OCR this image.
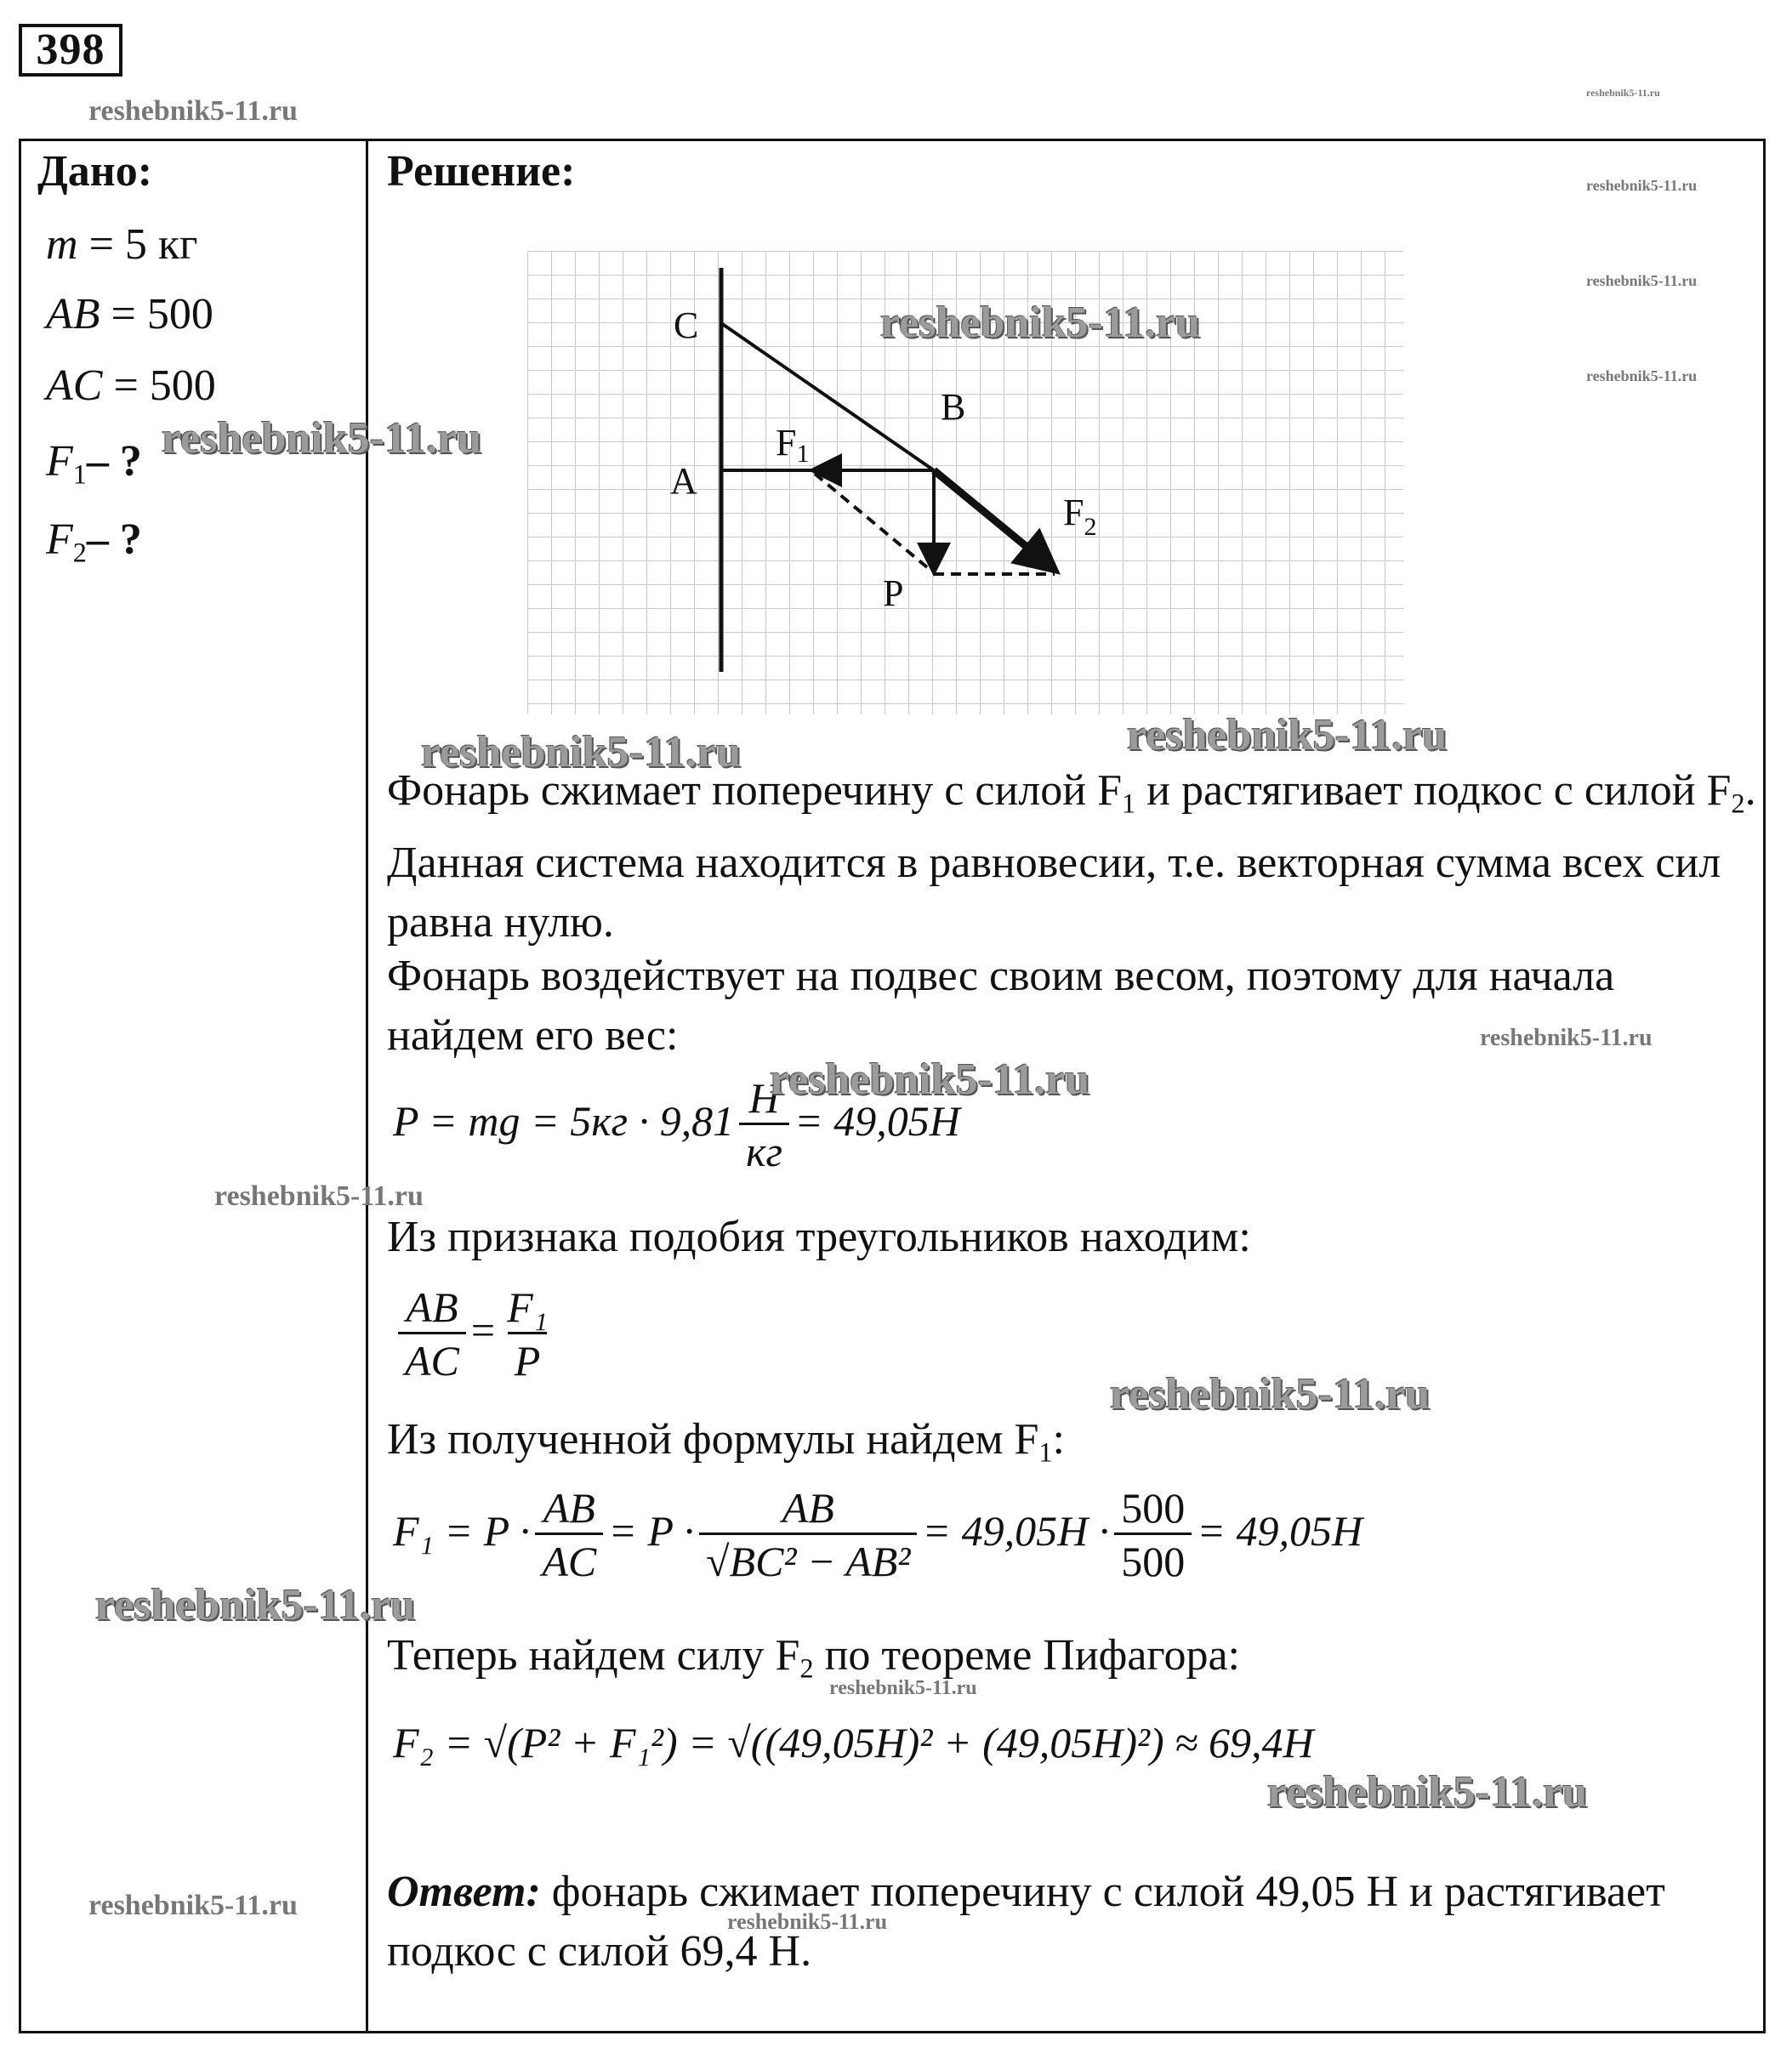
398
Дано:
m = 5 кг
AB = 500
AC = 500
$F_1-$ ?
$F_2-$ ?
Решение:
C
B
A
F1
$F_2$
P
Фонарь сжимает поперечину с силой $F_1$ и растягивает подкос с силой $F_2$. Данная система находится в равновесии, т.е. векторная сумма всех сил равна нулю.
Фонарь воздействует на подвес своим весом, поэтому для начала найдем его вес:
P = mg = $5кг \cdot 9,81 \frac{Н}{кг} = 49,05Н$
Из признака подобия треугольников находим:
$\frac{AB}{AC} = \frac{\text{F₁}}{P}$
Из полученной формулы найдем $F_1$:
$F_1 = P \cdot \frac{AB}{AC} = P \cdot \frac{AB}{\text{√BC² − AB²}} = 49,05Н \cdot \frac{500}{500} = 49,05Н$
Теперь найдем силу $F_2$ по теореме Пифагора:
F₂ = √(P² + F₁²) = √((49,05Н)² + (49,05Н)²) ≈ 69,4Н
Ответ: фонарь сжимает поперечину с силой 49,05 Н и растягивает подкос с силой 69,4 Н.
reshebnik5-11.ru
reshebnik5-11.ru
reshebnik5-11.ru
reshebnik5-11.ru
reshebnik5-11.ru
reshebnik5-11.ru
reshebnik5-11.ru
reshebnik5-11.ru	reshebnik5-11.ru
reshebnik5-11.ru
reshebnik5-11.ru
reshebnik5-11.ru
reshebnik5-11.ru
reshebnik5-11.ru
reshebnik5-11.ru
reshebnik5-11.ru
reshebnik5-11.ru
reshebnik5-11.ru
